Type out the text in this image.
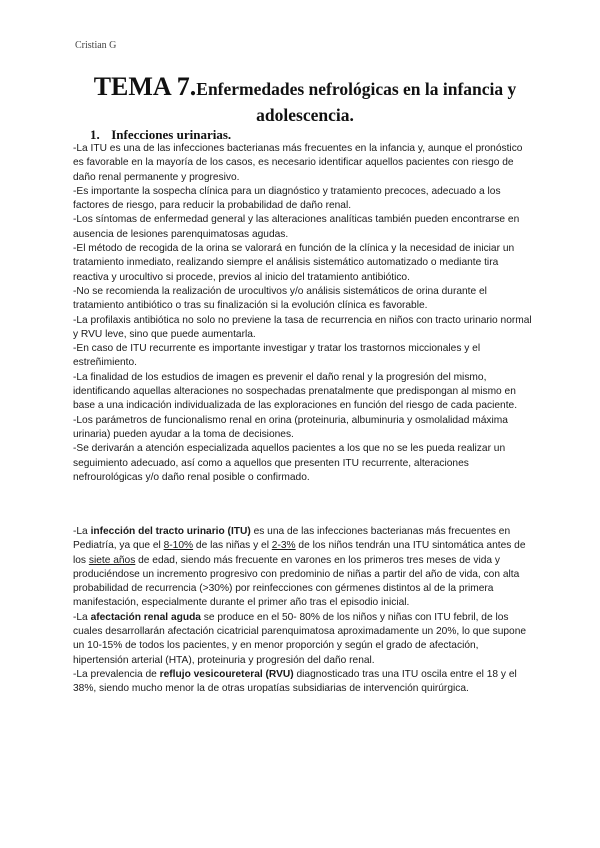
Cristian G
TEMA 7.Enfermedades nefrológicas en la infancia y adolescencia.
1. Infecciones urinarias.

-La ITU es una de las infecciones bacterianas más frecuentes en la infancia y, aunque el pronóstico es favorable en la mayoría de los casos, es necesario identificar aquellos pacientes con riesgo de daño renal permanente y progresivo.

-Es importante la sospecha clínica para un diagnóstico y tratamiento precoces, adecuado a los factores de riesgo, para reducir la probabilidad de daño renal.

-Los síntomas de enfermedad general y las alteraciones analíticas también pueden encontrarse en ausencia de lesiones parenquimatosas agudas.

-El método de recogida de la orina se valorará en función de la clínica y la necesidad de iniciar un tratamiento inmediato, realizando siempre el análisis sistemático automatizado o mediante tira reactiva y urocultivo si procede, previos al inicio del tratamiento antibiótico.

-No se recomienda la realización de urocultivos y/o análisis sistemáticos de orina durante el tratamiento antibiótico o tras su finalización si la evolución clínica es favorable.

-La profilaxis antibiótica no solo no previene la tasa de recurrencia en niños con tracto urinario normal y RVU leve, sino que puede aumentarla.

-En caso de ITU recurrente es importante investigar y tratar los trastornos miccionales y el estreñimiento.

-La finalidad de los estudios de imagen es prevenir el daño renal y la progresión del mismo, identificando aquellas alteraciones no sospechadas prenatalmente que predispongan al mismo en base a una indicación individualizada de las exploraciones en función del riesgo de cada paciente.

-Los parámetros de funcionalismo renal en orina (proteinuria, albuminuria y osmolalidad máxima urinaria) pueden ayudar a la toma de decisiones.

-Se derivarán a atención especializada aquellos pacientes a los que no se les pueda realizar un seguimiento adecuado, así como a aquellos que presenten ITU recurrente, alteraciones nefrourológicas y/o daño renal posible o confirmado.

-La infección del tracto urinario (ITU) es una de las infecciones bacterianas más frecuentes en Pediatría, ya que el 8-10% de las niñas y el 2-3% de los niños tendrán una ITU sintomática antes de los siete años de edad, siendo más frecuente en varones en los primeros tres meses de vida y produciéndose un incremento progresivo con predominio de niñas a partir del año de vida, con alta probabilidad de recurrencia (>30%) por reinfecciones con gérmenes distintos al de la primera manifestación, especialmente durante el primer año tras el episodio inicial.

-La afectación renal aguda se produce en el 50- 80% de los niños y niñas con ITU febril, de los cuales desarrollarán afectación cicatricial parenquimatosa aproximadamente un 20%, lo que supone un 10-15% de todos los pacientes, y en menor proporción y según el grado de afectación, hipertensión arterial (HTA), proteinuria y progresión del daño renal.

-La prevalencia de reflujo vesicoureteral (RVU) diagnosticado tras una ITU oscila entre el 18 y el 38%, siendo mucho menor la de otras uropatías subsidiarias de intervención quirúrgica.
